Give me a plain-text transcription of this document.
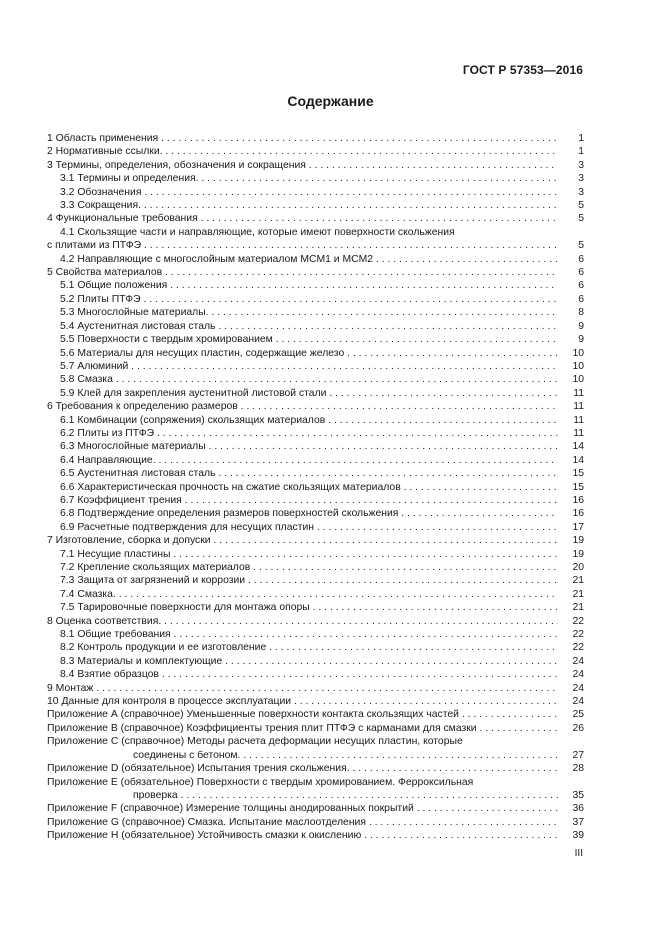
ГОСТ Р 57353—2016
Содержание
1 Область применения . . .	1
2 Нормативные ссылки. . . .	1
3 Термины, определения, обозначения и сокращения . . .	3
3.1 Термины и определения. . . .	3
3.2 Обозначения . . .	3
3.3 Сокращения. . . .	5
4 Функциональные требования . . .	5
4.1 Скользящие части и направляющие, которые имеют поверхности скольжения
с плитами из ПТФЭ . . .	5
4.2 Направляющие с многослойным материалом MCM1 и MCM2 . . .	6
5 Свойства материалов . . .	6
5.1 Общие положения . . .	6
5.2 Плиты ПТФЭ . . .	6
5.3 Многослойные материалы. . . .	8
5.4 Аустенитная листовая сталь . . .	9
5.5 Поверхности с твердым хромированием . . .	9
5.6 Материалы для несущих пластин, содержащие железо . . .	10
5.7 Алюминий . . .	10
5.8 Смазка . . .	10
5.9 Клей для закрепления аустенитной листовой стали . . .	11
6 Требования к определению размеров . . .	11
6.1 Комбинации (сопряжения) скользящих материалов . . .	11
6.2 Плиты из ПТФЭ . . .	11
6.3 Многослойные материалы . . .	14
6.4 Направляющие. . . .	14
6.5 Аустенитная листовая сталь . . .	15
6.6 Характеристическая прочность на сжатие скользящих материалов . . .	15
6.7 Коэффициент трения . . .	16
6.8 Подтверждение определения размеров поверхностей скольжения . . .	16
6.9 Расчетные подтверждения для несущих пластин . . .	17
7 Изготовление, сборка и допуски . . .	19
7.1 Несущие пластины . . .	19
7.2 Крепление скользящих материалов . . .	20
7.3 Защита от загрязнений и коррозии . . .	21
7.4 Смазка. . . .	21
7.5 Тарировочные поверхности для монтажа опоры . . .	21
8 Оценка соответствия. . . .	22
8.1 Общие требования . . .	22
8.2 Контроль продукции и ее изготовление . . .	22
8.3 Материалы и комплектующие . . .	24
8.4 Взятие образцов . . .	24
9 Монтаж . . .	24
10 Данные для контроля в процессе эксплуатации . . .	24
Приложение А (справочное) Уменьшенные поверхности контакта скользящих частей . . .	25
Приложение В (справочное) Коэффициенты трения плит ПТФЭ с карманами для смазки . . .	26
Приложение С (справочное) Методы расчета деформации несущих пластин, которые
соединены с бетоном. . . .	27
Приложение D (обязательное) Испытания трения скольжения. . . .	28
Приложение Е (обязательное) Поверхности с твердым хромированием. Ферроксильная
проверка . . .	35
Приложение F (справочное) Измерение толщины анодированных покрытий . . .	36
Приложение G (справочное) Смазка. Испытание маслоотделения . . .	37
Приложение H (обязательное) Устойчивость смазки к окислению . . .	39
III
